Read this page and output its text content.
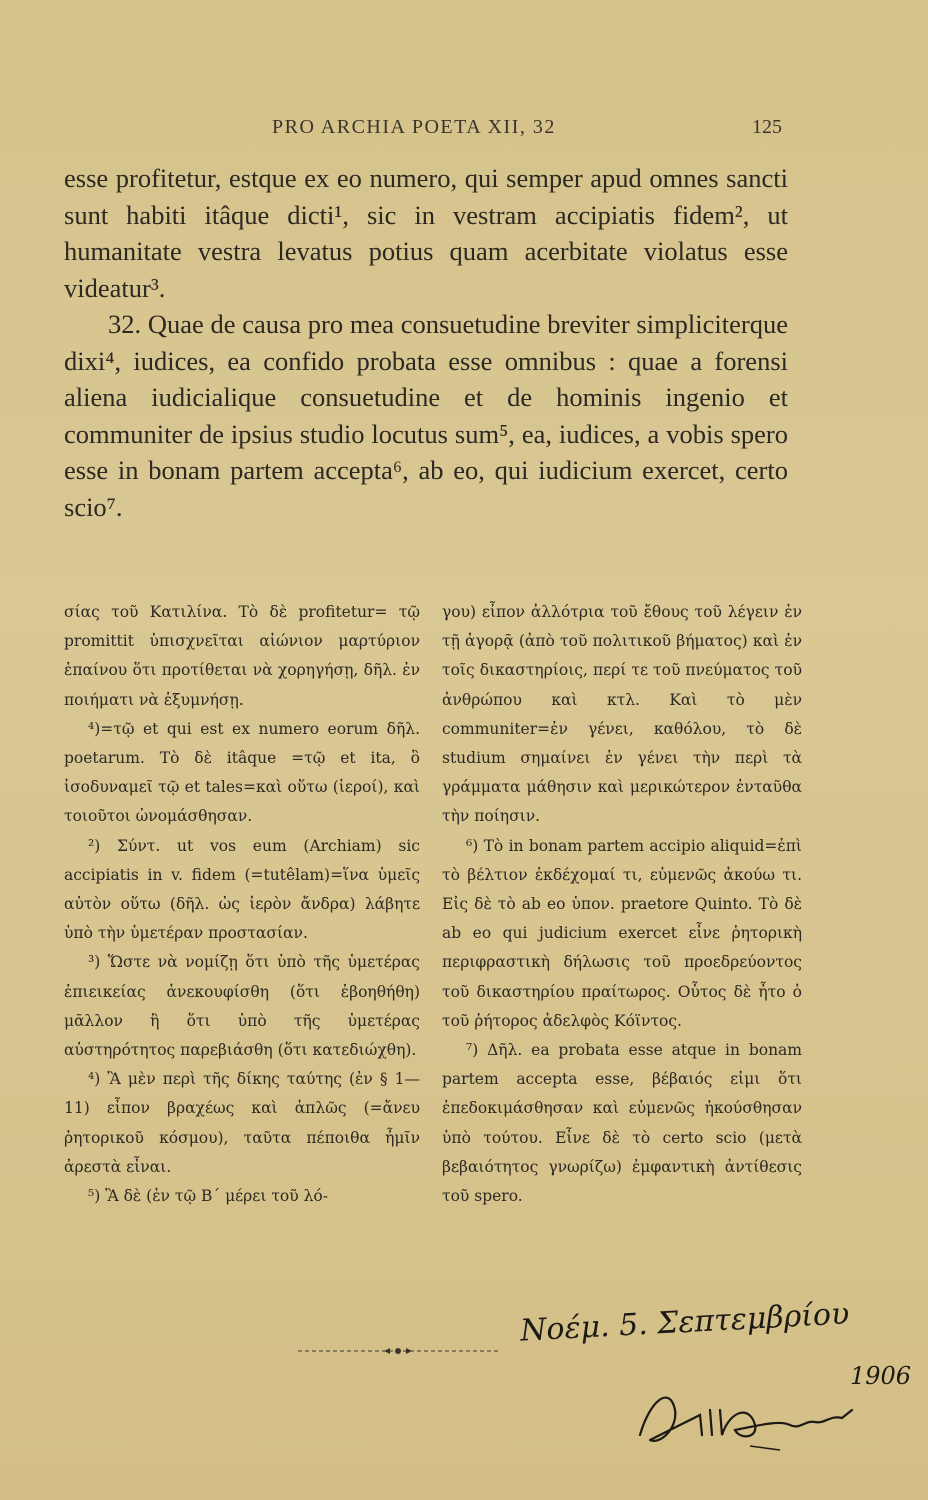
PRO ARCHIA POETA XII, 32	125

esse profitetur, estque ex eo numero, qui semper apud omnes sancti sunt habiti itâque dicti¹, sic in vestram accipiatis fidem², ut humanitate vestra levatus potius quam acerbitate violatus esse videatur³.

32. Quae de causa pro mea consuetudine breviter simpliciterque dixi⁴, iudices, ea confido probata esse omnibus : quae a forensi aliena iudicialique consuetudine et de hominis ingenio et communiter de ipsius studio locutus sum⁵, ea, iudices, a vobis spero esse in bonam partem accepta⁶, ab eo, qui iudicium exercet, certo scio⁷.

σίας τοῦ Κατιλίνα. Τὸ δὲ profitetur= τῷ promittit ὑπισχνεῖται αἰώνιον μαρτύριον ἐπαίνου ὅτι προτίθεται νὰ χορηγήσῃ, δῆλ. ἐν ποιήματι νὰ ἐξυμνήσῃ.

⁴)=τῷ et qui est ex numero eorum δῆλ. poetarum. Τὸ δὲ itâque =τῷ et ita, ὃ ἰσοδυναμεῖ τῷ et tales=καὶ οὕτω (ἱεροί), καὶ τοιοῦτοι ὠνομάσθησαν.

²) Σύντ. ut vos eum (Archiam) sic accipiatis in v. fidem (=tutêlam)=ἵνα ὑμεῖς αὐτὸν οὕτω (δῆλ. ὡς ἱερὸν ἄνδρα) λάβητε ὑπὸ τὴν ὑμετέραν προστασίαν.

³) Ὥστε νὰ νομίζῃ ὅτι ὑπὸ τῆς ὑμετέρας ἐπιεικείας ἀνεκουφίσθη (ὅτι ἐβοηθήθη) μᾶλλον ἢ ὅτι ὑπὸ τῆς ὑμετέρας αὐστηρότητος παρεβιάσθη (ὅτι κατεδιώχθη).

⁴) Ἃ μὲν περὶ τῆς δίκης ταύτης (ἐν § 1—11) εἶπον βραχέως καὶ ἁπλῶς (=ἄνευ ῥητορικοῦ κόσμου), ταῦτα πέποιθα ἦμῖν ἀρεστὰ εἶναι.

⁵) Ἃ δὲ (ἐν τῷ Β΄ μέρει τοῦ λό-

γου) εἶπον ἀλλότρια τοῦ ἔθους τοῦ λέγειν ἐν τῇ ἀγορᾷ (ἀπὸ τοῦ πολιτικοῦ βήματος) καὶ ἐν τοῖς δικαστηρίοις, περί τε τοῦ πνεύματος τοῦ ἀνθρώπου καὶ κτλ. Καὶ τὸ μὲν communiter=ἐν γένει, καθόλου, τὸ δὲ studium σημαίνει ἐν γένει τὴν περὶ τὰ γράμματα μάθησιν καὶ μερικώτερον ἐνταῦθα τὴν ποίησιν.

⁶) Τὸ in bonam partem accipio aliquid=ἐπὶ τὸ βέλτιον ἐκδέχομαί τι, εὐμενῶς ἀκούω τι. Εἰς δὲ τὸ ab eo ὑπον. praetore Quinto. Τὸ δὲ ab eo qui judicium exercet εἶνε ῥητορικὴ περιφραστικὴ δήλωσις τοῦ προεδρεύοντος τοῦ δικαστηρίου πραίτωρος. Οὗτος δὲ ἦτο ὁ τοῦ ῥήτορος ἀδελφὸς Κόϊντος.

⁷) Δῆλ. ea probata esse atque in bonam partem accepta esse, βέβαιός εἰμι ὅτι ἐπεδοκιμάσθησαν καὶ εὐμενῶς ἠκούσθησαν ὑπὸ τούτου. Εἶνε δὲ τὸ certo scio (μετὰ βεβαιότητος γνωρίζω) ἐμφαντικὴ ἀντίθεσις τοῦ spero.

Νοέμ. 5. Σεπτεμβρίου
1906
